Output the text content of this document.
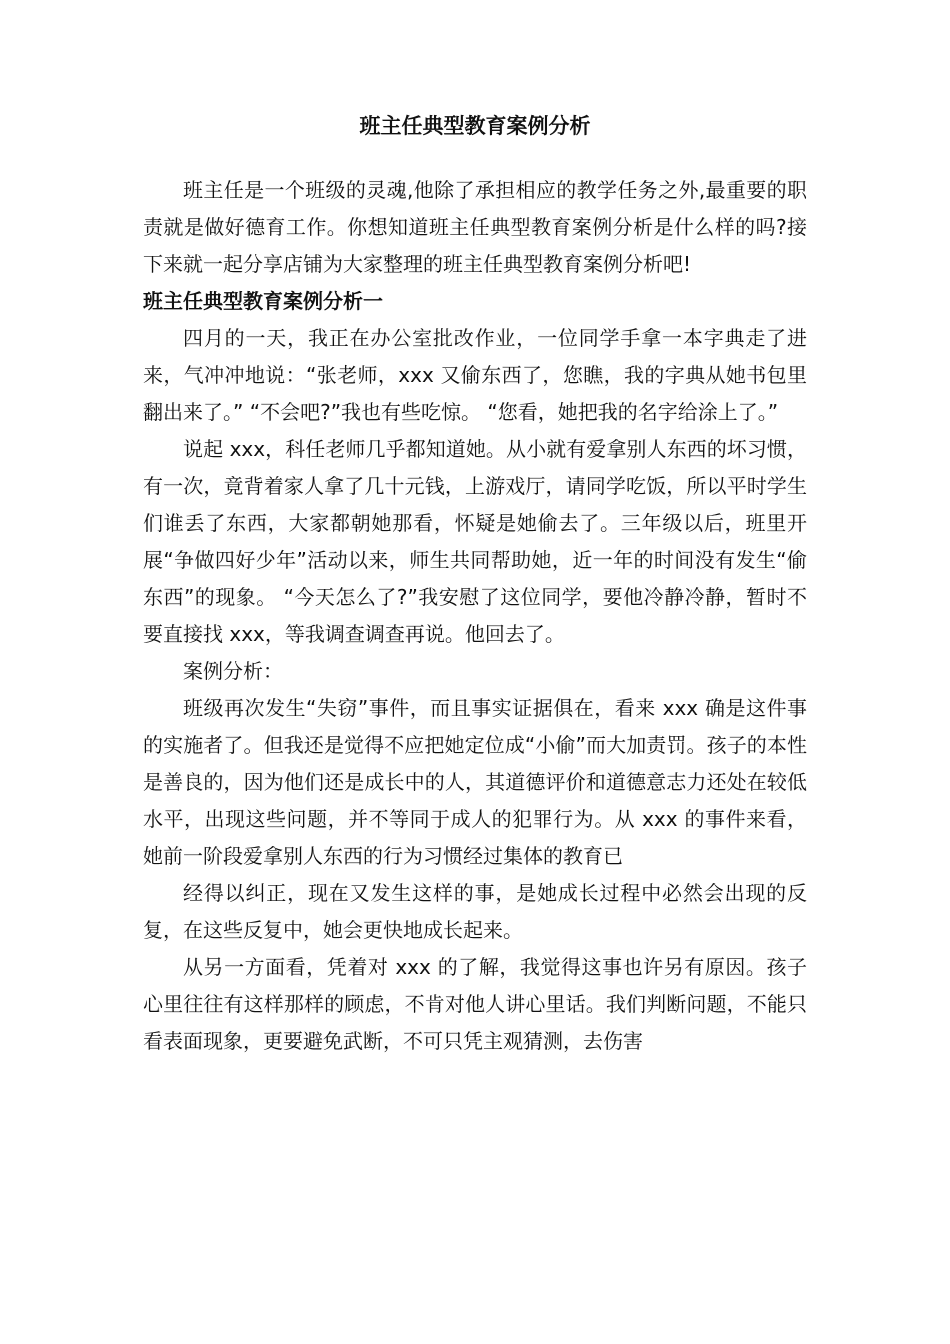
班主任典型教育案例分析

班主任是一个班级的灵魂,他除了承担相应的教学任务之外,最重要的职责就是做好德育工作。你想知道班主任典型教育案例分析是什么样的吗?接下来就一起分享店铺为大家整理的班主任典型教育案例分析吧!

班主任典型教育案例分析一

四月的一天，我正在办公室批改作业，一位同学手拿一本字典走了进来，气冲冲地说：“张老师，xxx 又偷东西了，您瞧，我的字典从她书包里翻出来了。” “不会吧?”我也有些吃惊。 “您看，她把我的名字给涂上了。”

说起 xxx，科任老师几乎都知道她。从小就有爱拿别人东西的坏习惯，有一次，竟背着家人拿了几十元钱，上游戏厅，请同学吃饭，所以平时学生们谁丢了东西，大家都朝她那看，怀疑是她偷去了。三年级以后，班里开展“争做四好少年”活动以来，师生共同帮助她，近一年的时间没有发生“偷东西”的现象。 “今天怎么了?”我安慰了这位同学，要他冷静冷静，暂时不要直接找 xxx，等我调查调查再说。他回去了。

案例分析：

班级再次发生“失窃”事件，而且事实证据俱在，看来 xxx 确是这件事的实施者了。但我还是觉得不应把她定位成“小偷”而大加责罚。孩子的本性是善良的，因为他们还是成长中的人，其道德评价和道德意志力还处在较低水平，出现这些问题，并不等同于成人的犯罪行为。从 xxx 的事件来看，她前一阶段爱拿别人东西的行为习惯经过集体的教育已

经得以纠正，现在又发生这样的事，是她成长过程中必然会出现的反复，在这些反复中，她会更快地成长起来。

从另一方面看，凭着对 xxx 的了解，我觉得这事也许另有原因。孩子心里往往有这样那样的顾虑，不肯对他人讲心里话。我们判断问题，不能只看表面现象，更要避免武断，不可只凭主观猜测，去伤害
